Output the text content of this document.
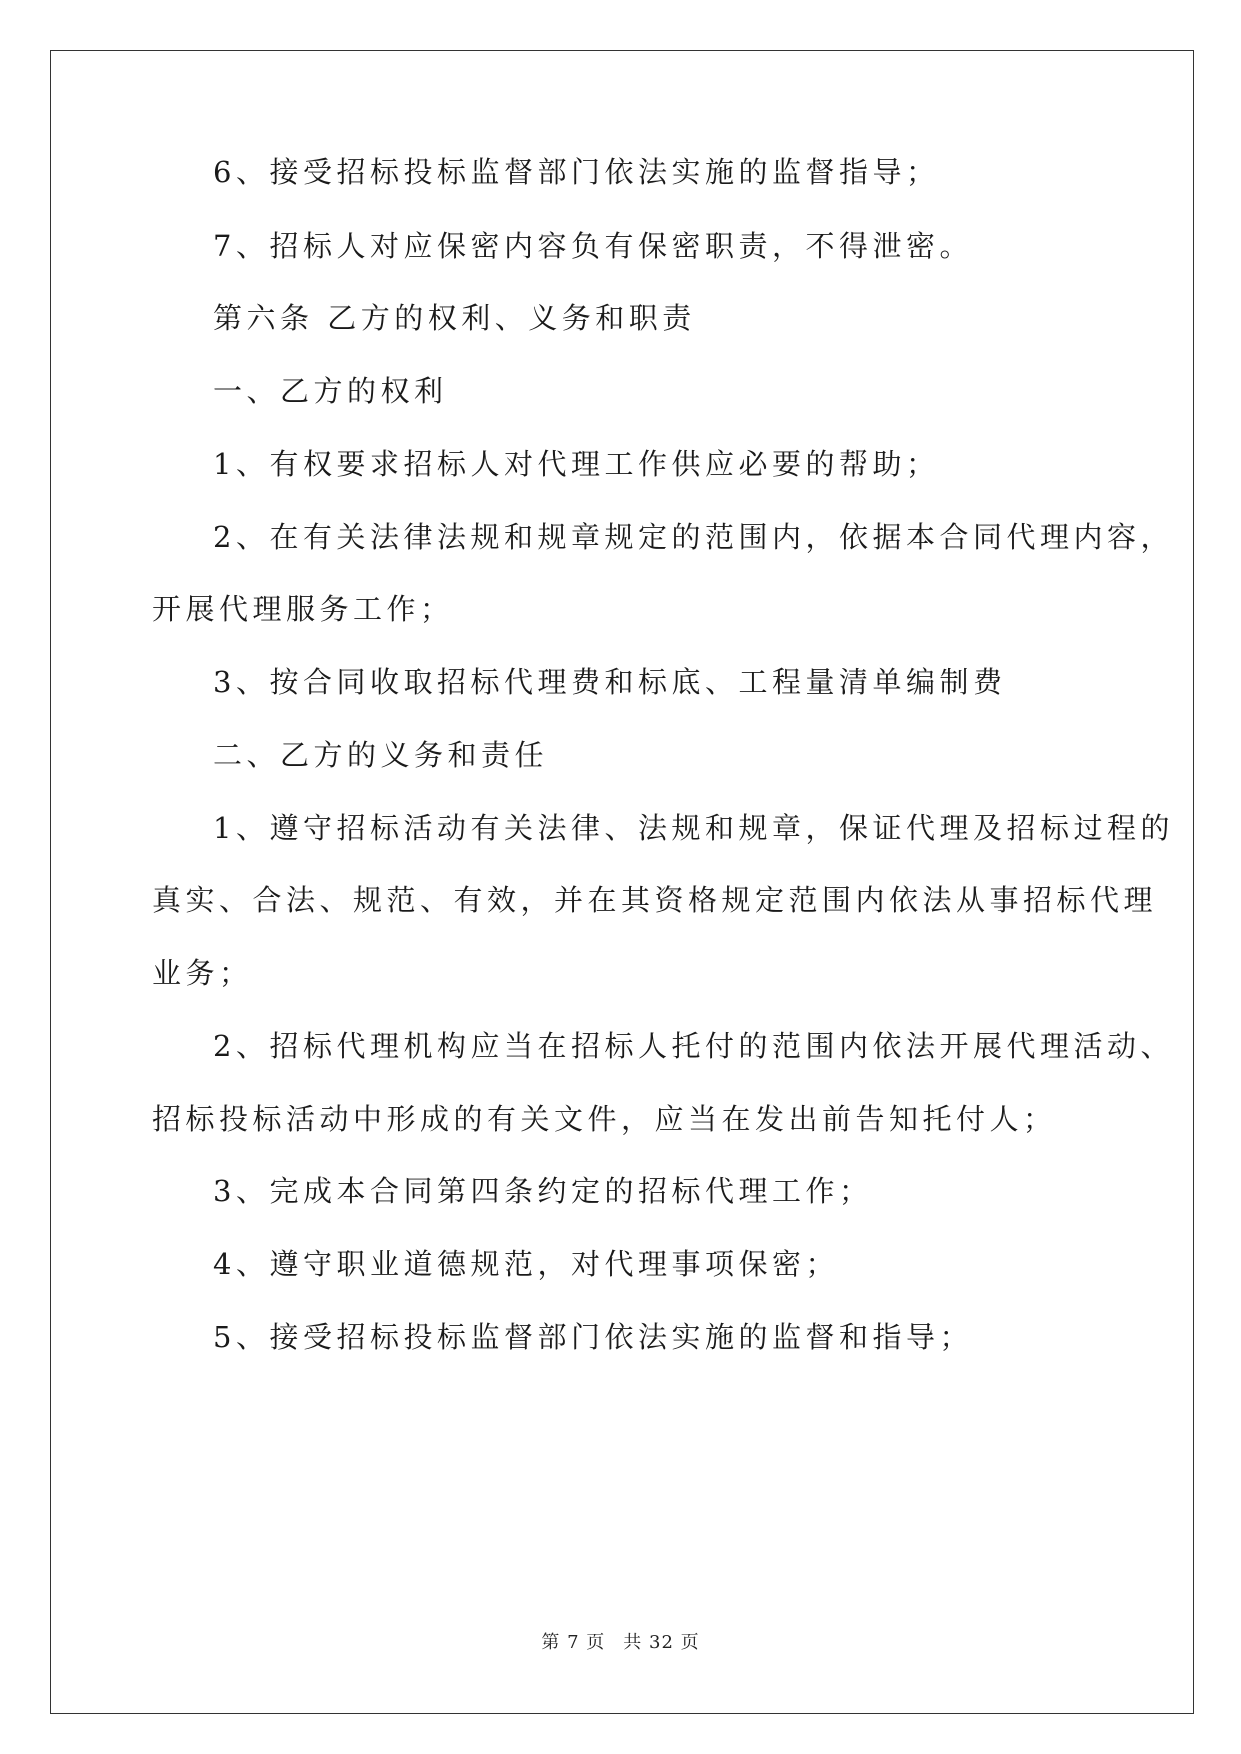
6、接受招标投标监督部门依法实施的监督指导；
7、招标人对应保密内容负有保密职责，不得泄密。
第六条 乙方的权利、义务和职责
一、乙方的权利
1、有权要求招标人对代理工作供应必要的帮助；
2、在有关法律法规和规章规定的范围内，依据本合同代理内容，
开展代理服务工作；
3、按合同收取招标代理费和标底、工程量清单编制费
二、乙方的义务和责任
1、遵守招标活动有关法律、法规和规章，保证代理及招标过程的
真实、合法、规范、有效，并在其资格规定范围内依法从事招标代理
业务；
2、招标代理机构应当在招标人托付的范围内依法开展代理活动、
招标投标活动中形成的有关文件，应当在发出前告知托付人；
3、完成本合同第四条约定的招标代理工作；
4、遵守职业道德规范，对代理事项保密；
5、接受招标投标监督部门依法实施的监督和指导；
第 7 页 共 32 页
